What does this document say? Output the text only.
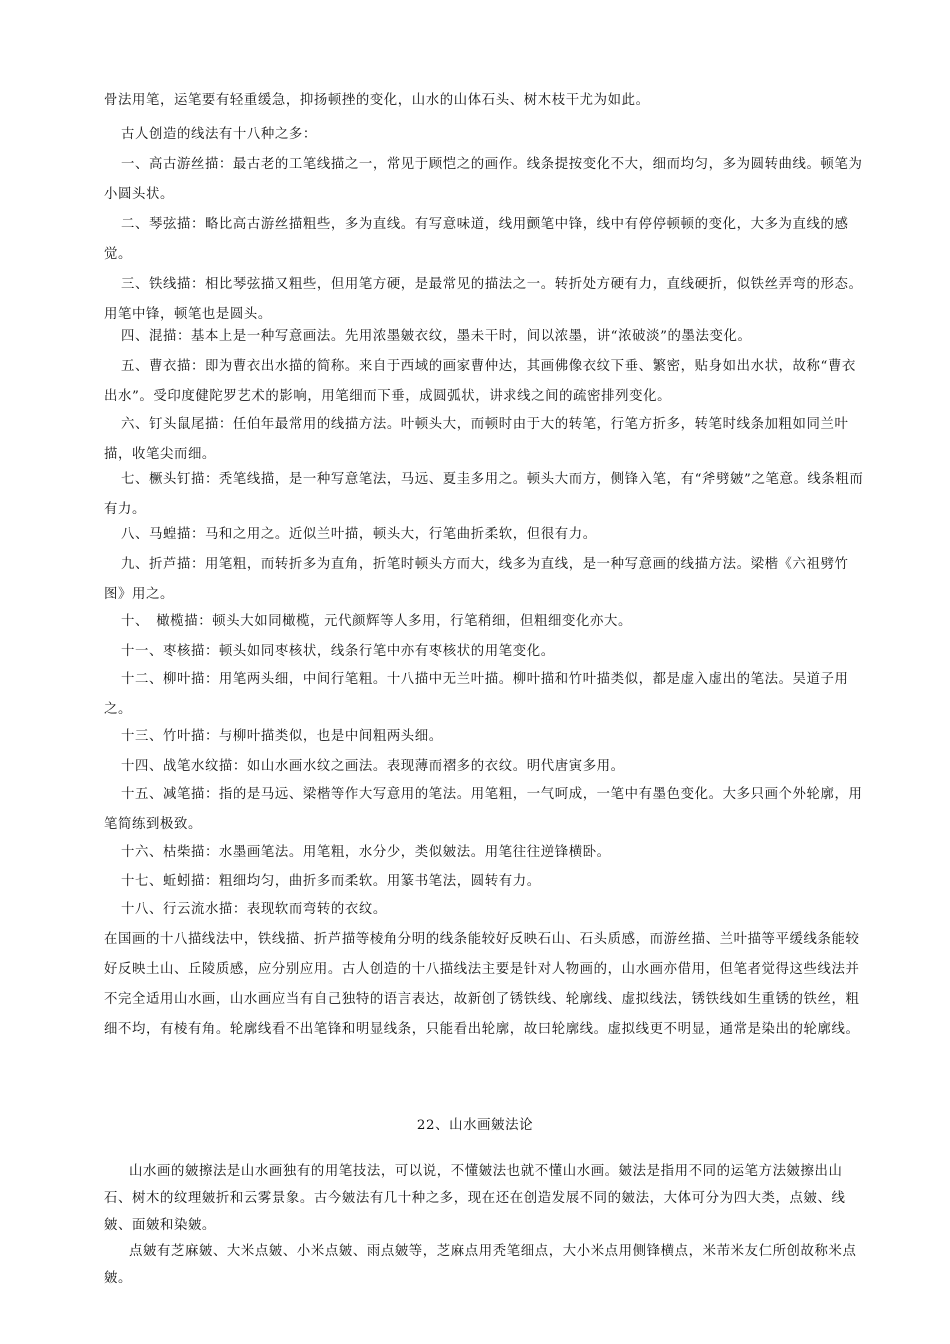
骨法用笔，运笔要有轻重缓急，抑扬顿挫的变化，山水的山体石头、树木枝干尤为如此。

古人创造的线法有十八种之多：

一、高古游丝描：最古老的工笔线描之一，常见于顾恺之的画作。线条提按变化不大，细而均匀，多为圆转曲线。顿笔为小圆头状。

二、琴弦描：略比高古游丝描粗些，多为直线。有写意味道，线用颤笔中锋，线中有停停顿顿的变化，大多为直线的感觉。

三、铁线描：相比琴弦描又粗些，但用笔方硬，是最常见的描法之一。转折处方硬有力，直线硬折，似铁丝弄弯的形态。用笔中锋，顿笔也是圆头。

四、混描：基本上是一种写意画法。先用浓墨皴衣纹，墨未干时，间以浓墨，讲“浓破淡”的墨法变化。

五、曹衣描：即为曹衣出水描的简称。来自于西域的画家曹仲达，其画佛像衣纹下垂、繁密，贴身如出水状，故称“曹衣出水”。受印度健陀罗艺术的影响，用笔细而下垂，成圆弧状，讲求线之间的疏密排列变化。

六、钉头鼠尾描：任伯年最常用的线描方法。叶顿头大，而顿时由于大的转笔，行笔方折多，转笔时线条加粗如同兰叶描，收笔尖而细。

七、橛头钉描：秃笔线描，是一种写意笔法，马远、夏圭多用之。顿头大而方，侧锋入笔，有“斧劈皴”之笔意。线条粗而有力。

八、马蝗描：马和之用之。近似兰叶描，顿头大，行笔曲折柔软，但很有力。

九、折芦描：用笔粗，而转折多为直角，折笔时顿头方而大，线多为直线，是一种写意画的线描方法。梁楷《六祖劈竹图》用之。

十、　橄榄描：顿头大如同橄榄，元代颜辉等人多用，行笔稍细，但粗细变化亦大。

十一、枣核描：顿头如同枣核状，线条行笔中亦有枣核状的用笔变化。

十二、柳叶描：用笔两头细，中间行笔粗。十八描中无兰叶描。柳叶描和竹叶描类似，都是虚入虚出的笔法。吴道子用之。

十三、竹叶描：与柳叶描类似，也是中间粗两头细。

十四、战笔水纹描：如山水画水纹之画法。表现薄而褶多的衣纹。明代唐寅多用。

十五、减笔描：指的是马远、梁楷等作大写意用的笔法。用笔粗，一气呵成，一笔中有墨色变化。大多只画个外轮廓，用笔简练到极致。

十六、枯柴描：水墨画笔法。用笔粗，水分少，类似皴法。用笔往往逆锋横卧。

十七、蚯蚓描：粗细均匀，曲折多而柔软。用篆书笔法，圆转有力。

十八、行云流水描：表现软而弯转的衣纹。

在国画的十八描线法中，铁线描、折芦描等棱角分明的线条能较好反映石山、石头质感，而游丝描、兰叶描等平缓线条能较好反映土山、丘陵质感，应分别应用。古人创造的十八描线法主要是针对人物画的，山水画亦借用，但笔者觉得这些线法并不完全适用山水画，山水画应当有自己独特的语言表达，故新创了锈铁线、轮廓线、虚拟线法，锈铁线如生重锈的铁丝，粗细不均，有棱有角。轮廓线看不出笔锋和明显线条，只能看出轮廓，故曰轮廓线。虚拟线更不明显，通常是染出的轮廓线。

22、山水画皴法论

山水画的皴擦法是山水画独有的用笔技法，可以说，不懂皴法也就不懂山水画。皴法是指用不同的运笔方法皴擦出山石、树木的纹理皴折和云雾景象。古今皴法有几十种之多，现在还在创造发展不同的皴法，大体可分为四大类，点皴、线皴、面皴和染皴。

点皴有芝麻皴、大米点皴、小米点皴、雨点皴等，芝麻点用秃笔细点，大小米点用侧锋横点，米芾米友仁所创故称米点皴。
